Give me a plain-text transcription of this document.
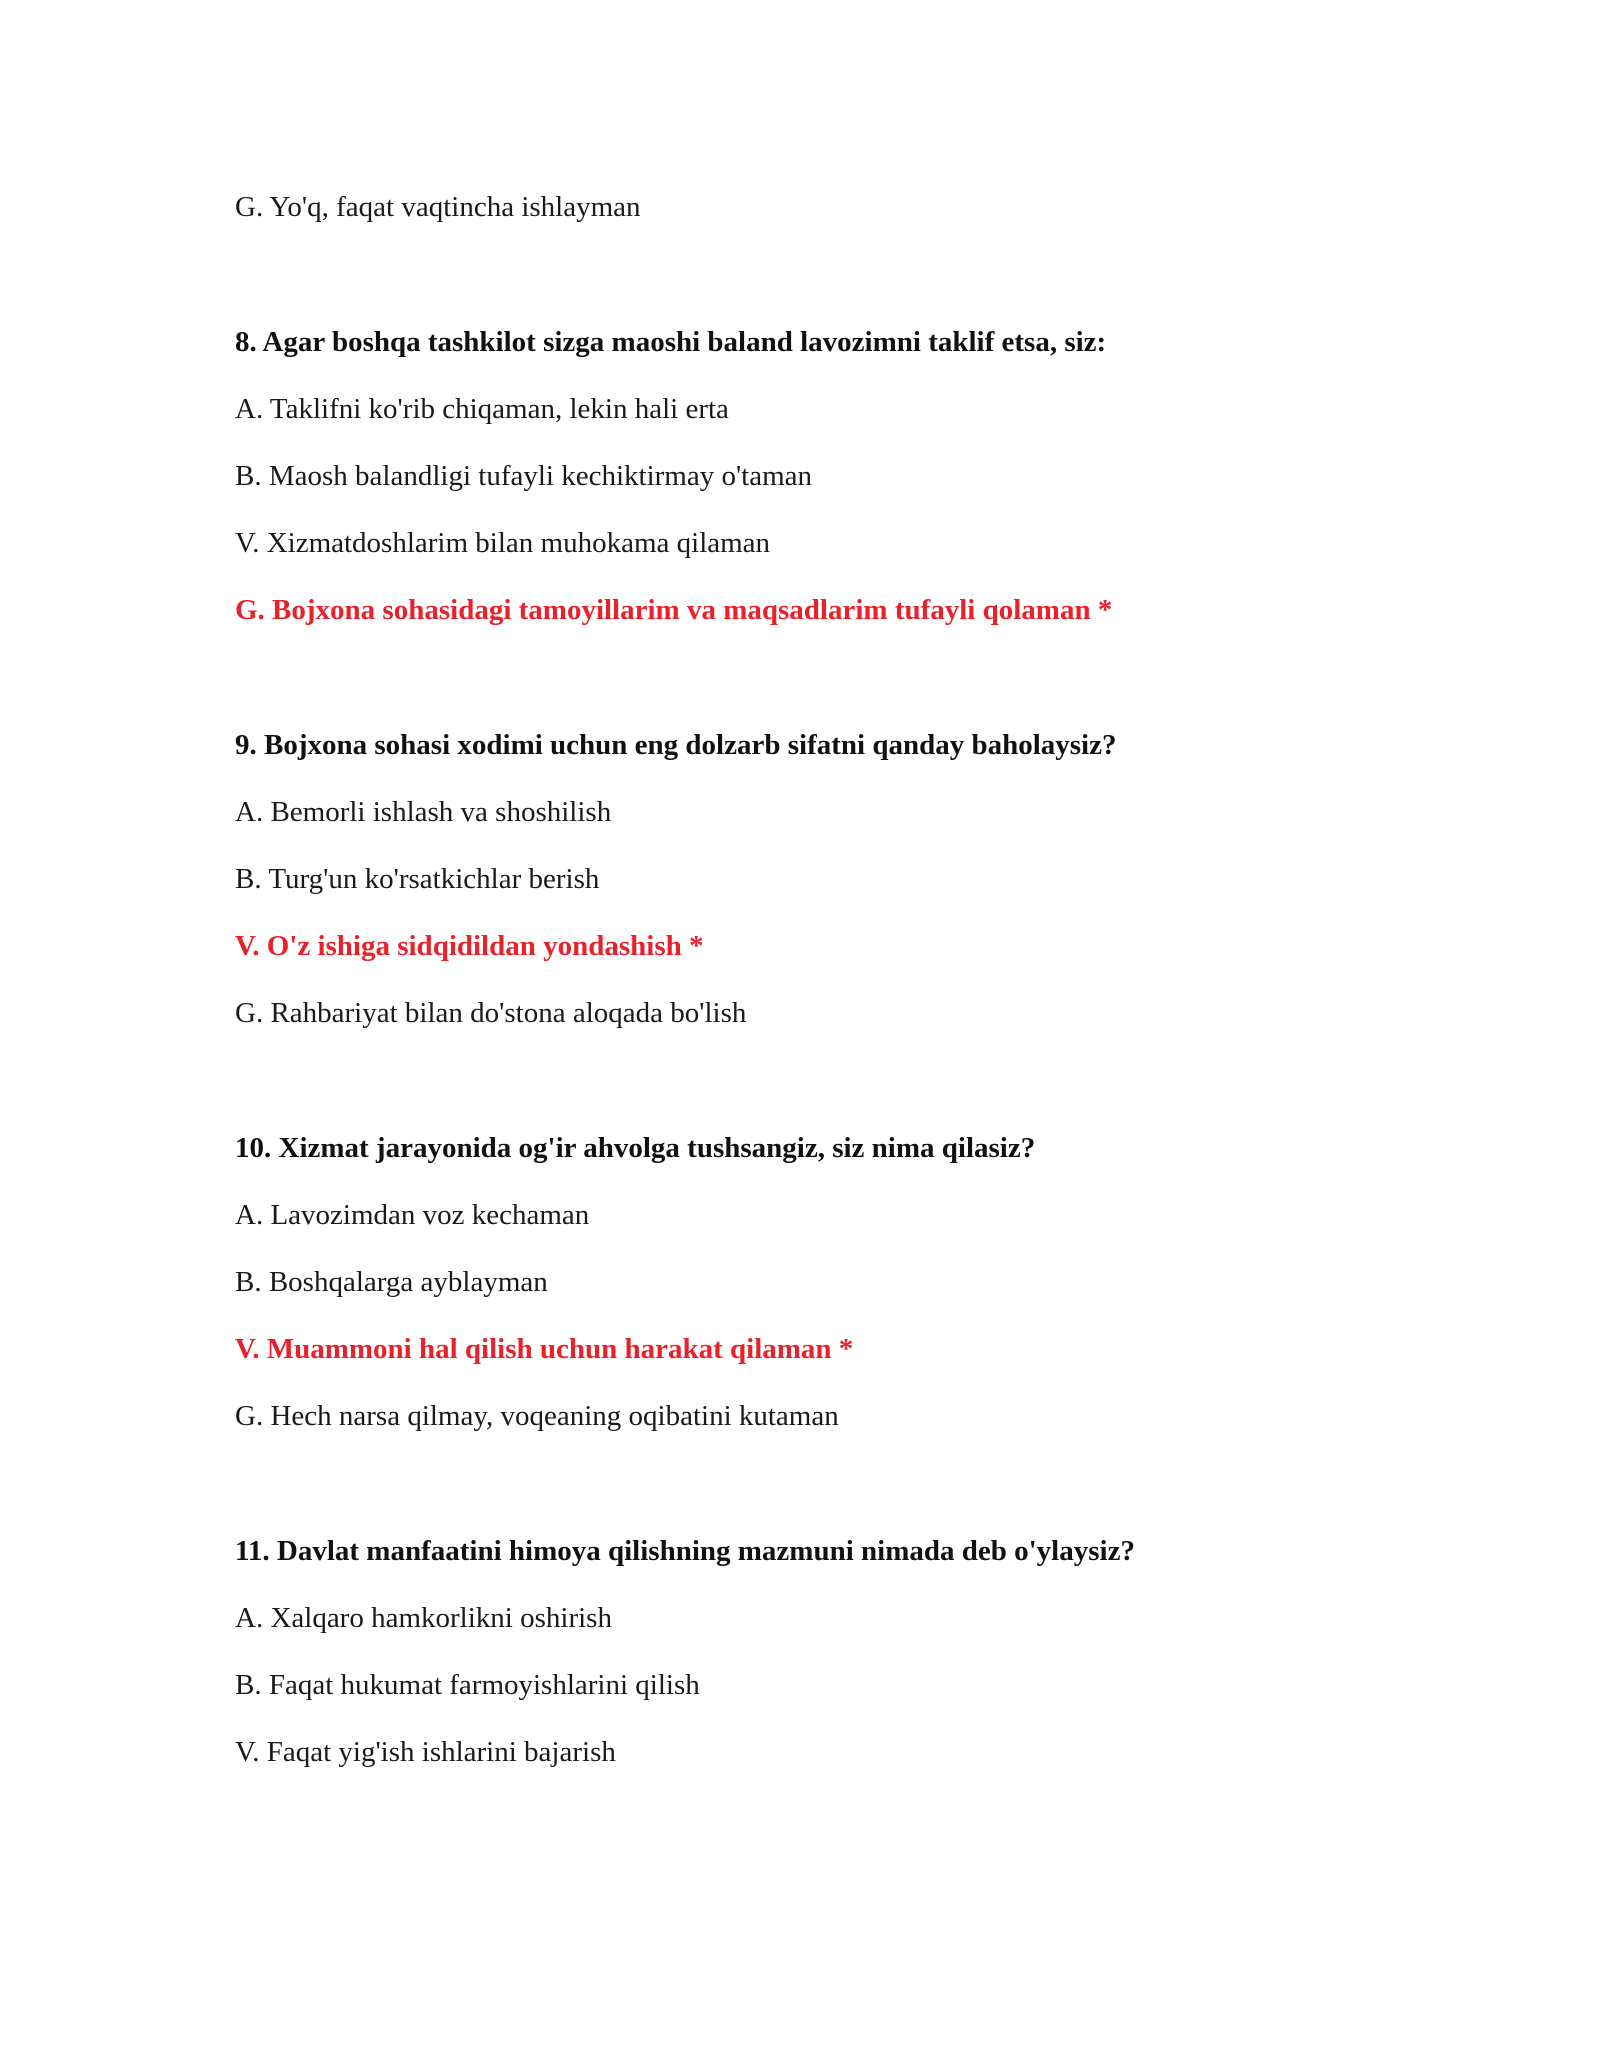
G. Yo'q, faqat vaqtincha ishlayman
8. Agar boshqa tashkilot sizga maoshi baland lavozimni taklif etsa, siz:
A. Taklifni ko'rib chiqaman, lekin hali erta
B. Maosh balandligi tufayli kechiktirmay o'taman
V. Xizmatdoshlarim bilan muhokama qilaman
G. Bojxona sohasidagi tamoyillarim va maqsadlarim tufayli qolaman *
9. Bojxona sohasi xodimi uchun eng dolzarb sifatni qanday baholaysiz?
A. Bemorli ishlash va shoshilish
B. Turg'un ko'rsatkichlar berish
V. O'z ishiga sidqidildan yondashish *
G. Rahbariyat bilan do'stona aloqada bo'lish
10. Xizmat jarayonida og'ir ahvolga tushsangiz, siz nima qilasiz?
A. Lavozimdan voz kechaman
B. Boshqalarga ayblayman
V. Muammoni hal qilish uchun harakat qilaman *
G. Hech narsa qilmay, voqeaning oqibatini kutaman
11. Davlat manfaatini himoya qilishning mazmuni nimada deb o'ylaysiz?
A. Xalqaro hamkorlikni oshirish
B. Faqat hukumat farmoyishlarini qilish
V. Faqat yig'ish ishlarini bajarish
